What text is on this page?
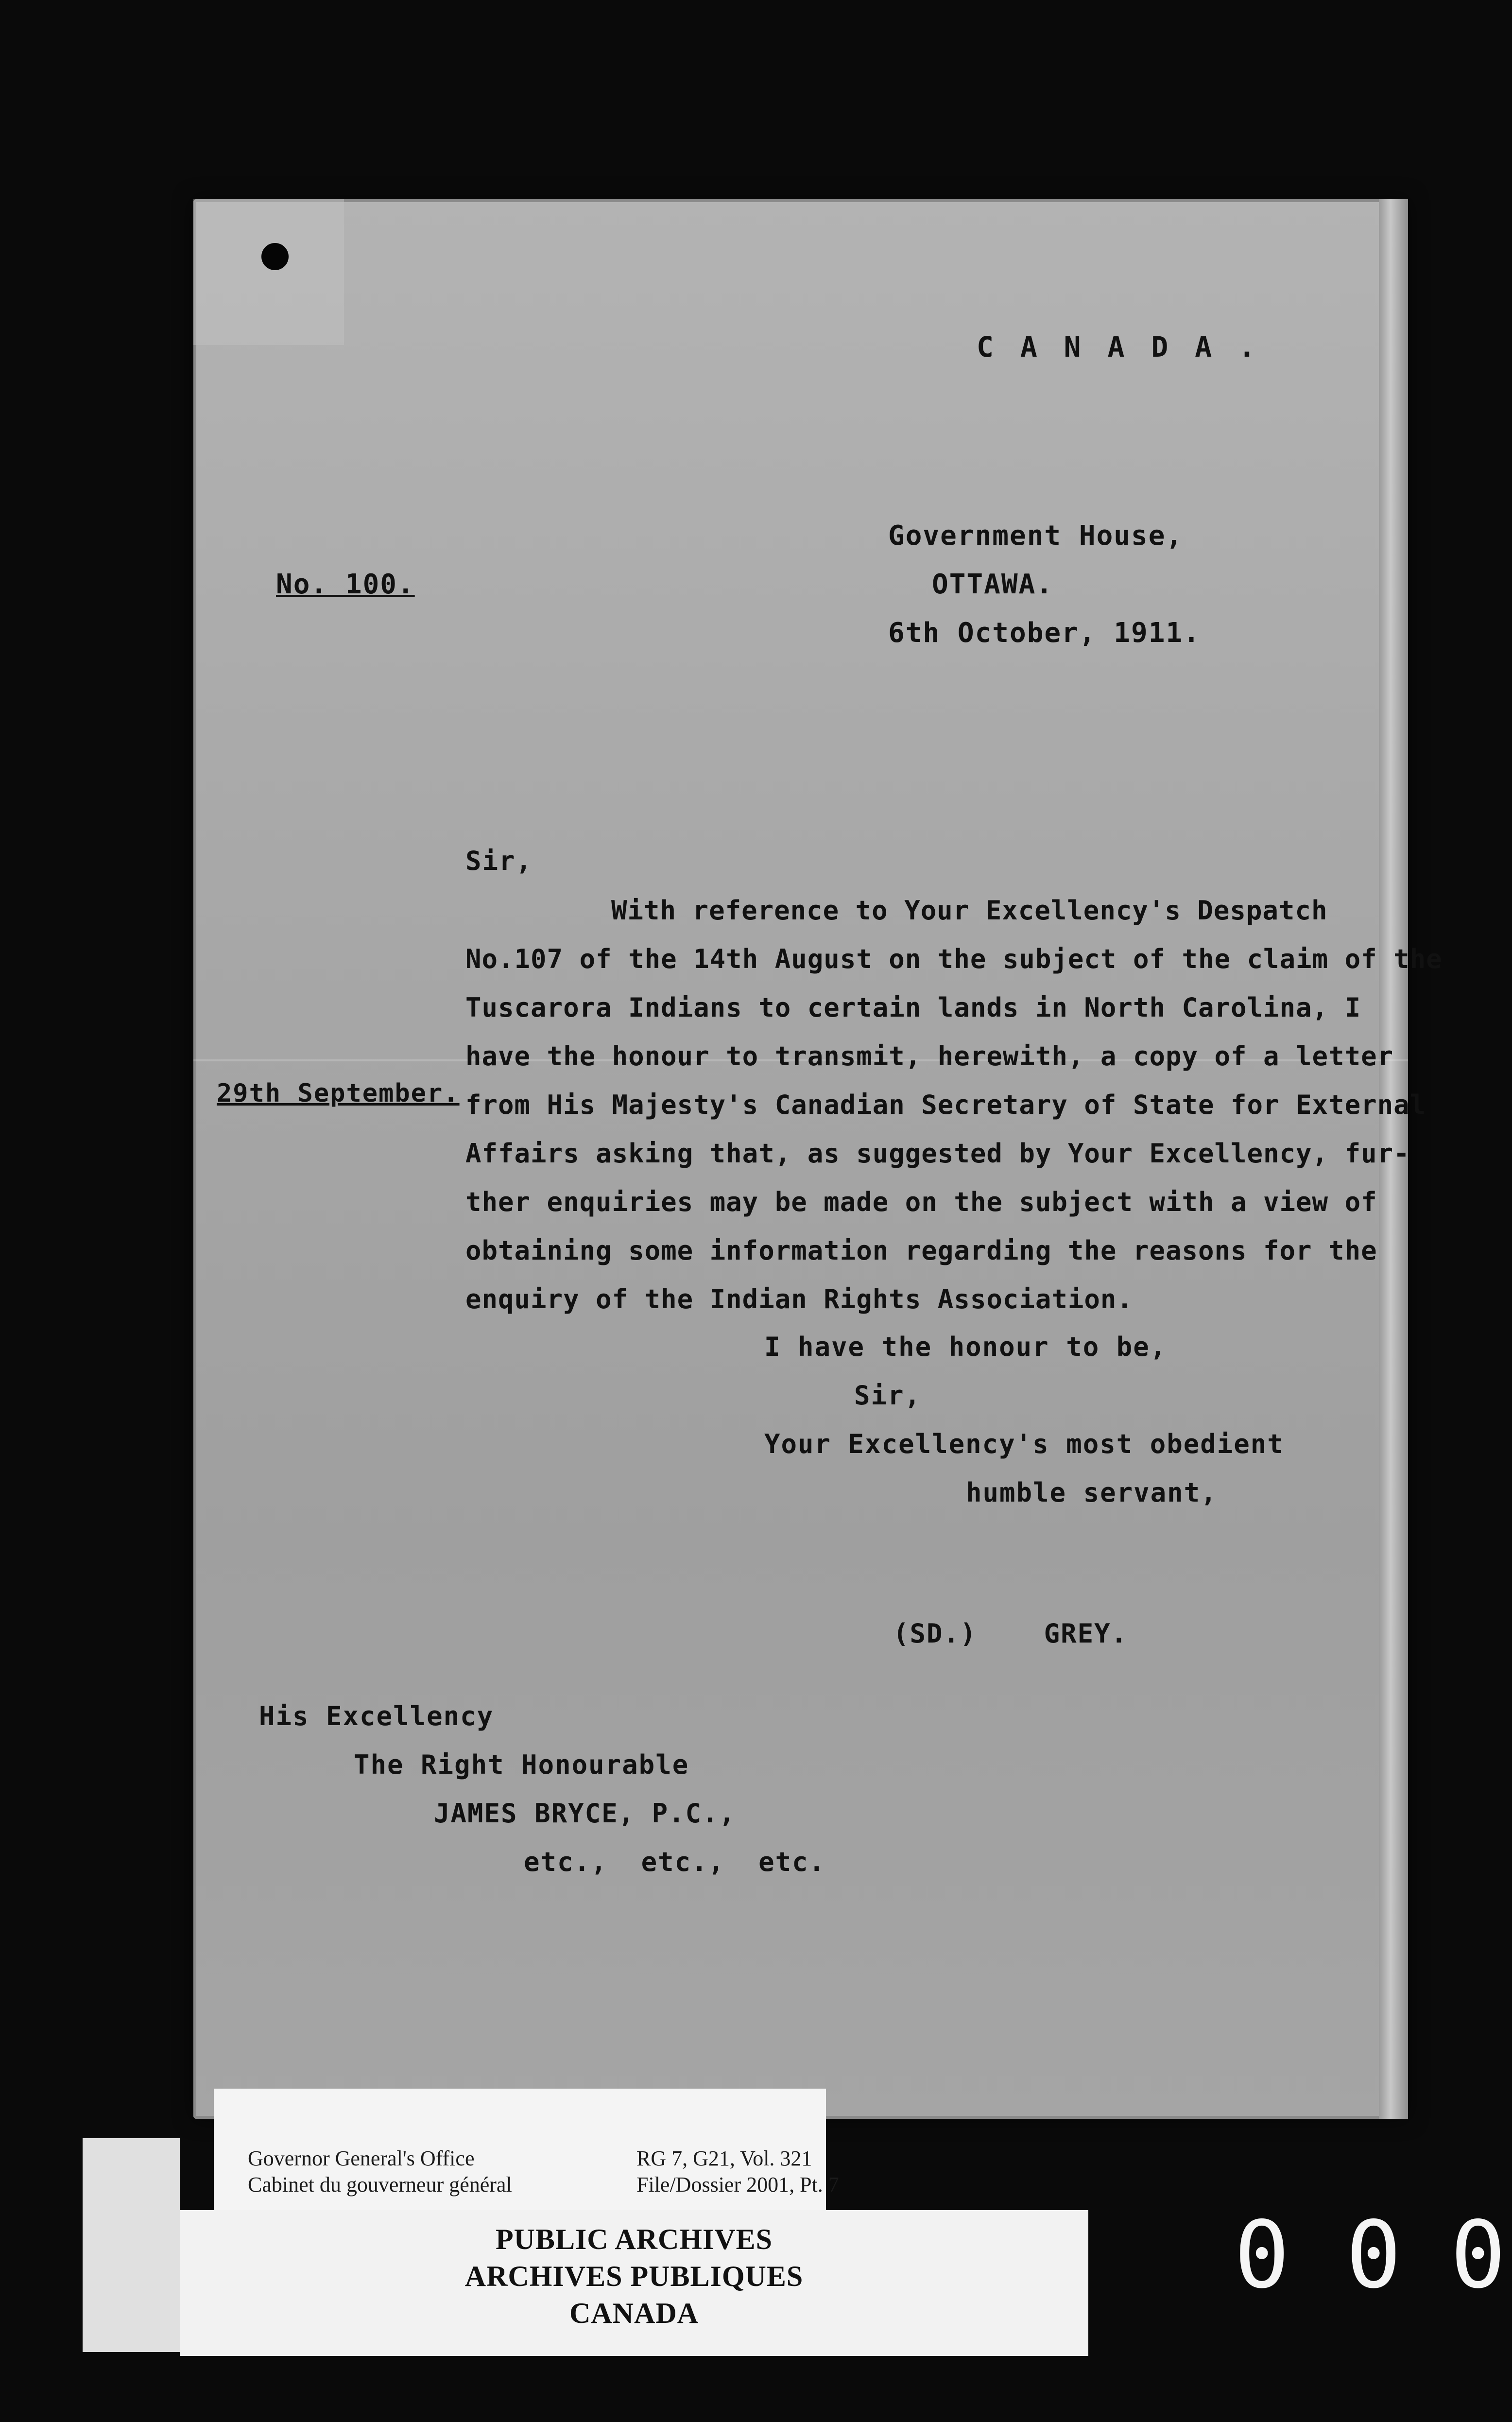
C A N A D A .
No. 100.
Government House,
OTTAWA.
6th October, 1911.
Sir,
29th September.
With reference to Your Excellency's Despatch
No.107 of the 14th August on the subject of the claim of the
Tuscarora Indians to certain lands in North Carolina, I
have the honour to transmit, herewith, a copy of a letter
from His Majesty's Canadian Secretary of State for External
Affairs asking that, as suggested by Your Excellency, fur-
ther enquiries may be made on the subject with a view of
obtaining some information regarding the reasons for the
enquiry of the Indian Rights Association.
I have the honour to be,
Sir,
Your Excellency's most obedient
humble servant,
(SD.)    GREY.
His Excellency
The Right Honourable
JAMES BRYCE, P.C.,
etc.,  etc.,  etc.
Governor General's Office
Cabinet du gouverneur général
RG 7, G21, Vol. 321
File/Dossier 2001, Pt. 7
PUBLIC ARCHIVES
ARCHIVES PUBLIQUES
CANADA
0 0 0
